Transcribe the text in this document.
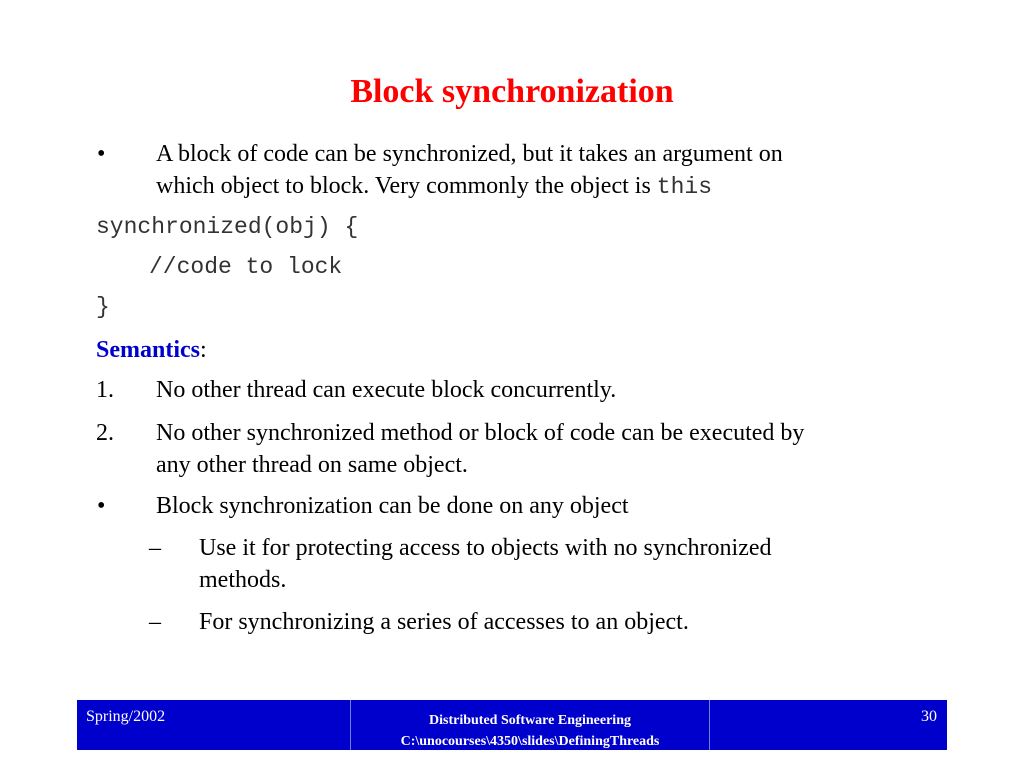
Block synchronization
• A block of code can be synchronized, but it takes an argument on
which object to block. Very commonly the object is this
synchronized(obj) {
//code to lock
}
Semantics:
1. No other thread can execute block concurrently.
2. No other synchronized method or block of code can be executed by
any other thread on same object.
• Block synchronization can be done on any object
– Use it for protecting access to objects with no synchronized
methods.
– For synchronizing a series of accesses to an object.
Spring/2002	Distributed Software Engineering
C:\unocourses\4350\slides\DefiningThreads
30
